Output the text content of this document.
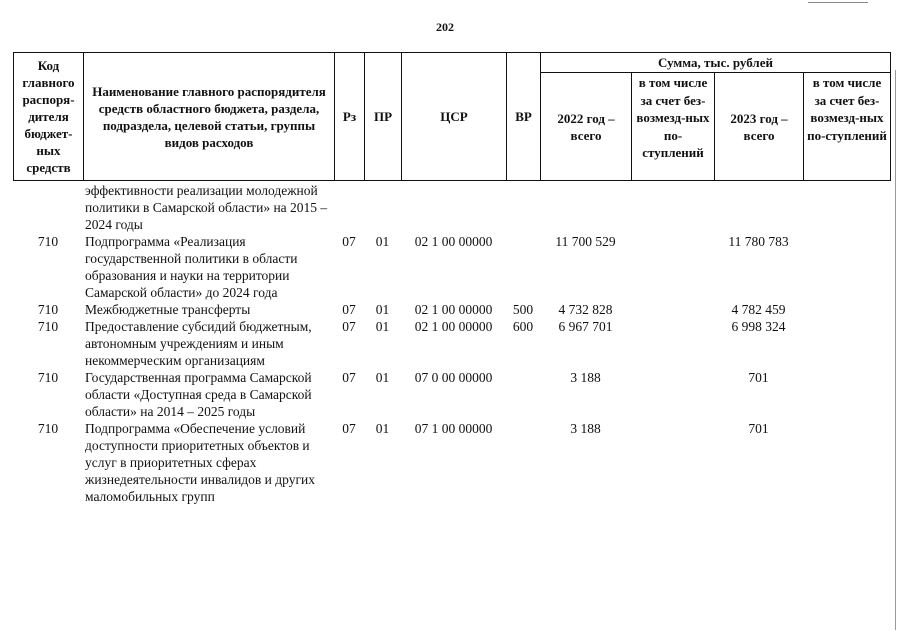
202
Код главного распоря-дителя бюджет-ных средств	Наименование главного распорядителя средств областного бюджета, раздела, подраздела, целевой статьи, группы видов расходов	Рз	ПР	ЦСР	ВР	Сумма, тыс. рублей			
						2022 год – всего	в том числе за счет без-возмезд-ных по-ступлений	2023 год – всего	в том числе за счет без-возмезд-ных по-ступлений
	эффективности реализации молодежной политики в Самарской области» на 2015 – 2024 годы								
710	Подпрограмма «Реализация государственной политики в области образования и науки на территории Самарской области» до 2024 года	07	01	02 1 00 00000		11 700 529		11 780 783	
710	Межбюджетные трансферты	07	01	02 1 00 00000	500	4 732 828		4 782 459	
710	Предоставление субсидий бюджетным, автономным учреждениям и иным некоммерческим организациям	07	01	02 1 00 00000	600	6 967 701		6 998 324	
710	Государственная программа Самарской области «Доступная среда в Самарской области» на 2014 – 2025 годы	07	01	07 0 00 00000		3 188		701	
710	Подпрограмма «Обеспечение условий доступности приоритетных объектов и услуг в приоритетных сферах жизнедеятельности инвалидов и других маломобильных групп	07	01	07 1 00 00000		3 188		701	
